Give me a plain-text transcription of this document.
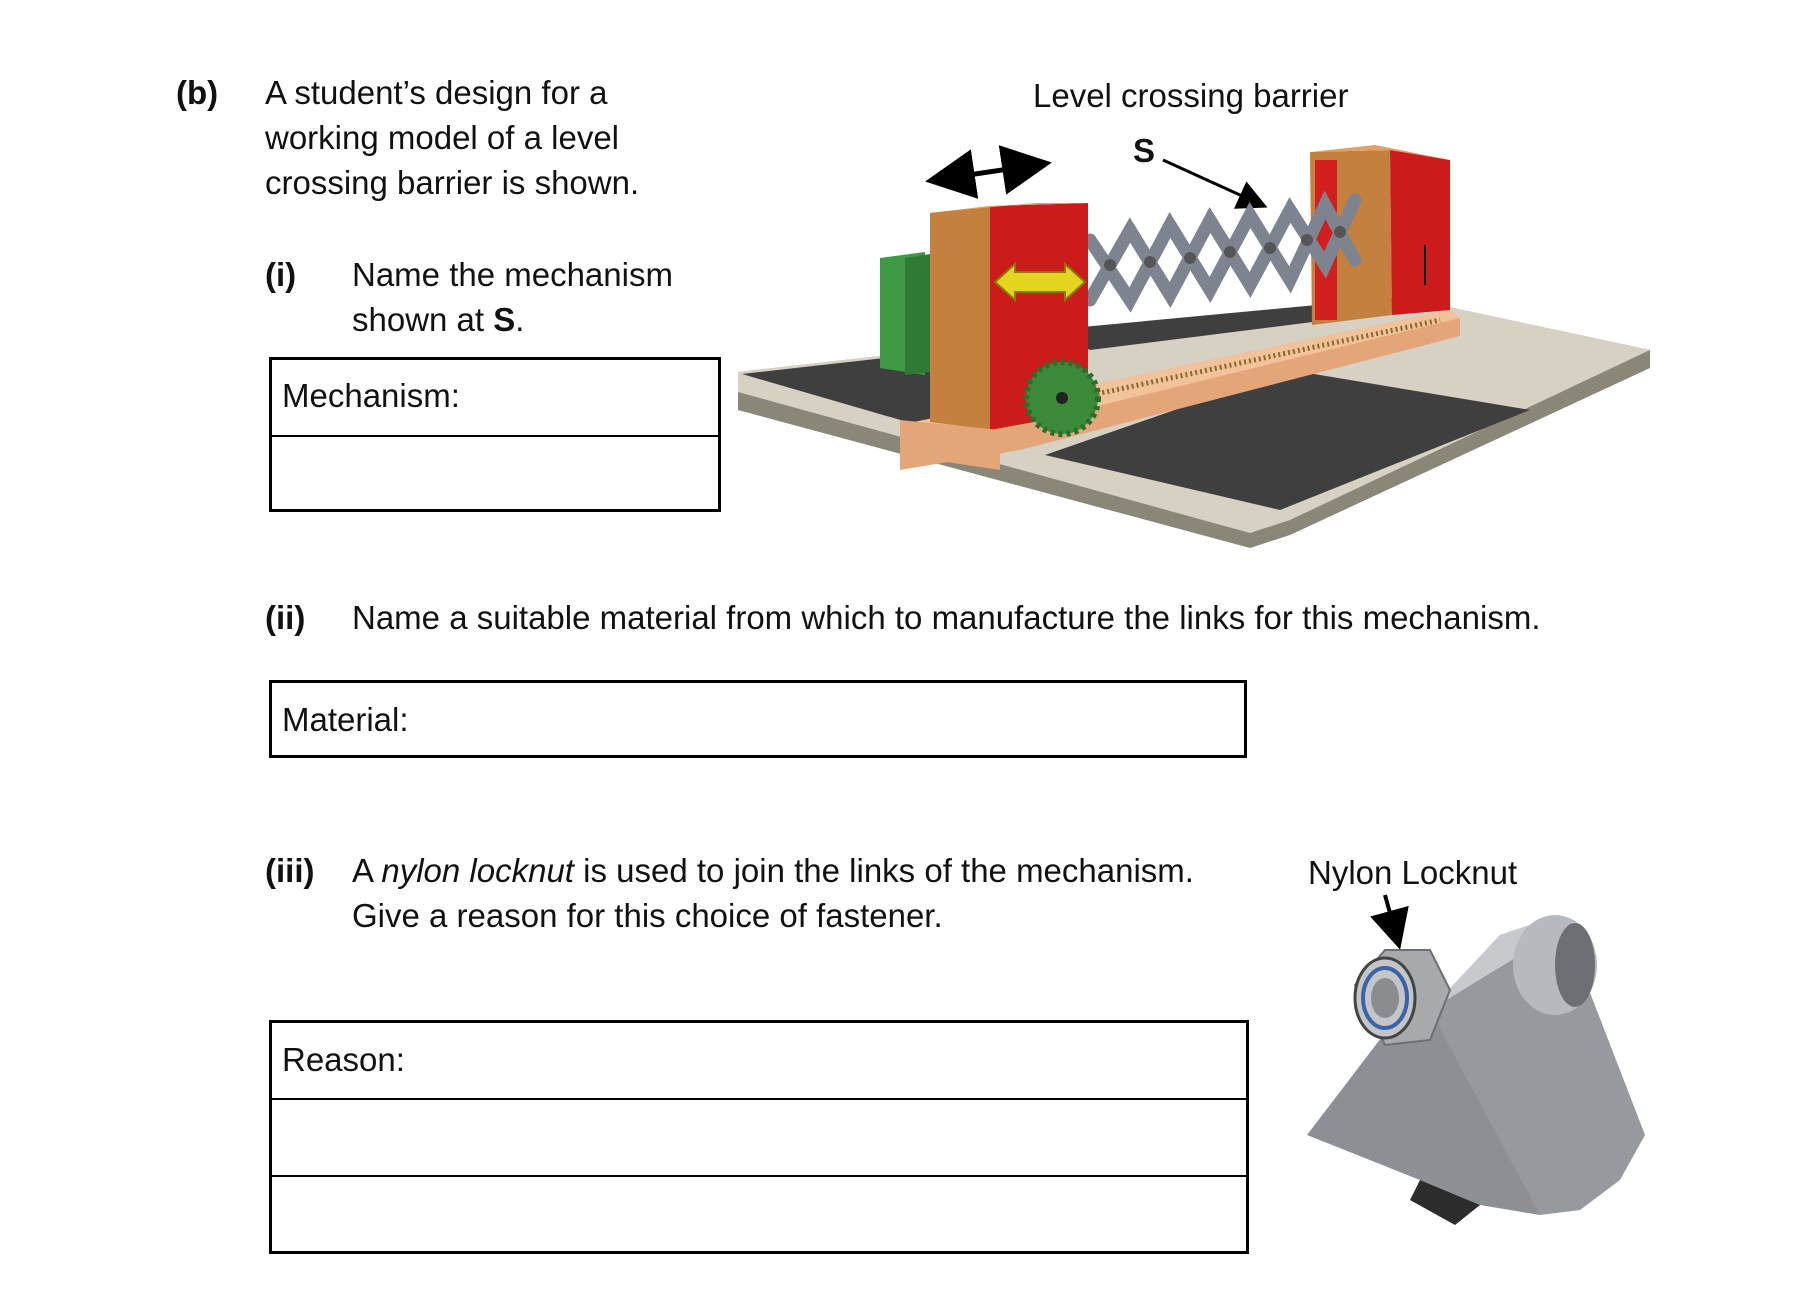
(b) A student’s design for a
working model of a level
crossing barrier is shown.
(i) Name the mechanism
shown at S.
Mechanism:
Level crossing barrier
S
(ii) Name a suitable material from which to manufacture the links for this mechanism.
Material:
(iii) A nylon locknut is used to join the links of the mechanism.
Give a reason for this choice of fastener.
Reason:
Nylon Locknut
